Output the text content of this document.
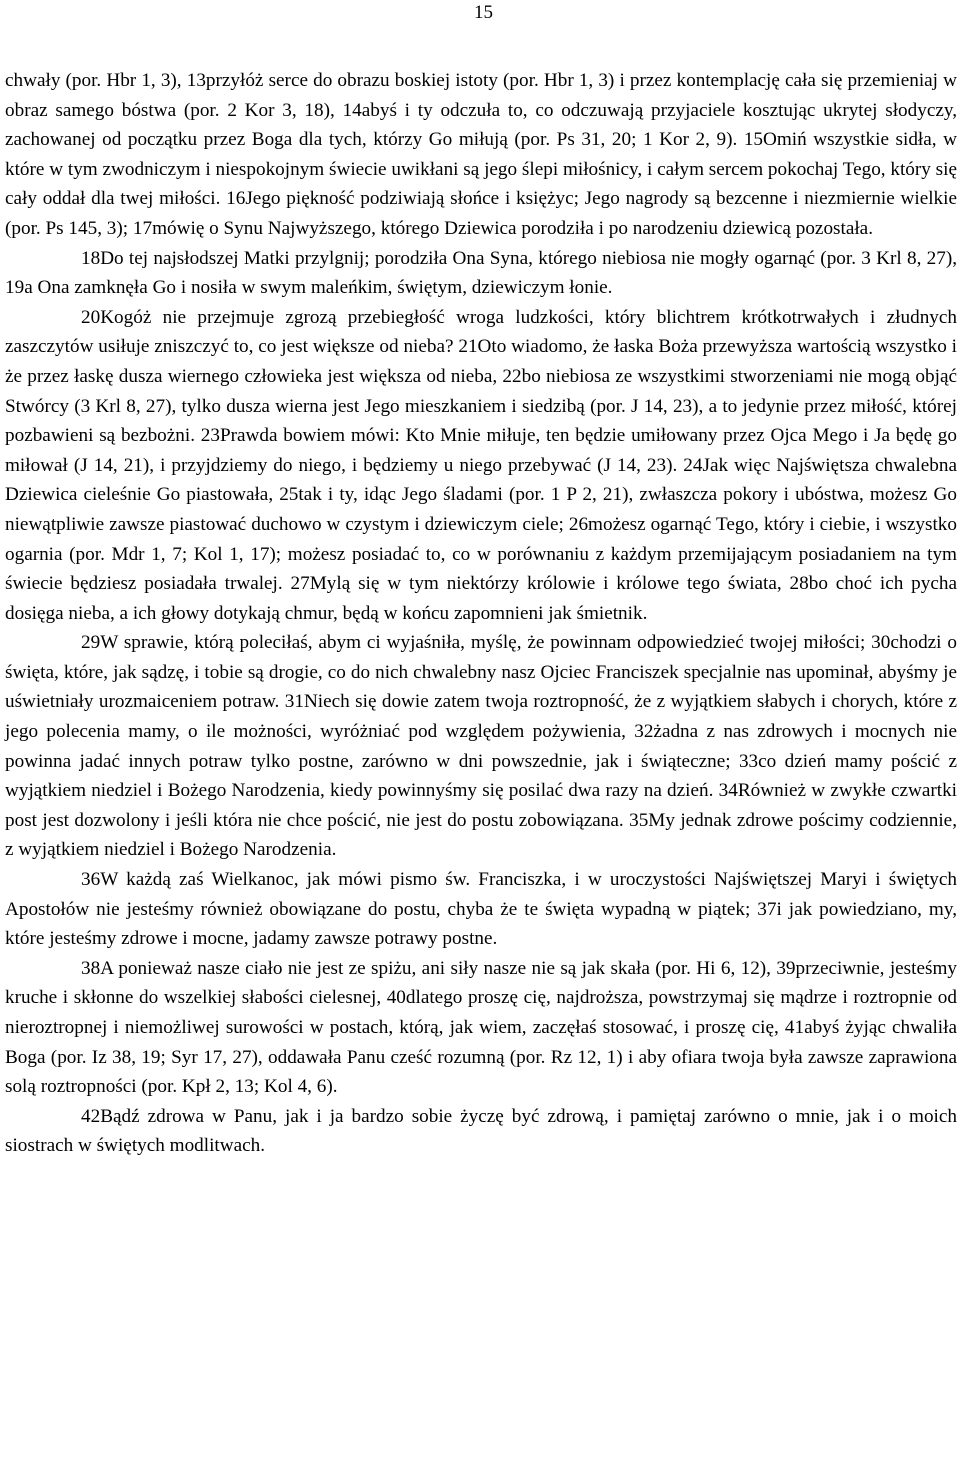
15

chwały (por. Hbr 1, 3), 13przyłóż serce do obrazu boskiej istoty (por. Hbr 1, 3) i przez kontemplację cała się przemieniaj w obraz samego bóstwa (por. 2 Kor 3, 18), 14abyś i ty odczuła to, co odczuwają przyjaciele kosztując ukrytej słodyczy, zachowanej od początku przez Boga dla tych, którzy Go miłują (por. Ps 31, 20; 1 Kor 2, 9). 15Omiń wszystkie sidła, w które w tym zwodniczym i niespokojnym świecie uwikłani są jego ślepi miłośnicy, i całym sercem pokochaj Tego, który się cały oddał dla twej miłości. 16Jego piękność podziwiają słońce i księżyc; Jego nagrody są bezcenne i niezmiernie wielkie (por. Ps 145, 3); 17mówię o Synu Najwyższego, którego Dziewica porodziła i po narodzeniu dziewicą pozostała.

18Do tej najsłodszej Matki przylgnij; porodziła Ona Syna, którego niebiosa nie mogły ogarnąć (por. 3 Krl 8, 27), 19a Ona zamknęła Go i nosiła w swym maleńkim, świętym, dziewiczym łonie.

20Kogóż nie przejmuje zgrozą przebiegłość wroga ludzkości, który blichtrem krótkotrwałych i złudnych zaszczytów usiłuje zniszczyć to, co jest większe od nieba? 21Oto wiadomo, że łaska Boża przewyższa wartością wszystko i że przez łaskę dusza wiernego człowieka jest większa od nieba, 22bo niebiosa ze wszystkimi stworzeniami nie mogą objąć Stwórcy (3 Krl 8, 27), tylko dusza wierna jest Jego mieszkaniem i siedzibą (por. J 14, 23), a to jedynie przez miłość, której pozbawieni są bezbożni. 23Prawda bowiem mówi: Kto Mnie miłuje, ten będzie umiłowany przez Ojca Mego i Ja będę go miłował (J 14, 21), i przyjdziemy do niego, i będziemy u niego przebywać (J 14, 23). 24Jak więc Najświętsza chwalebna Dziewica cieleśnie Go piastowała, 25tak i ty, idąc Jego śladami (por. 1 P 2, 21), zwłaszcza pokory i ubóstwa, możesz Go niewątpliwie zawsze piastować duchowo w czystym i dziewiczym ciele; 26możesz ogarnąć Tego, który i ciebie, i wszystko ogarnia (por. Mdr 1, 7; Kol 1, 17); możesz posiadać to, co w porównaniu z każdym przemijającym posiadaniem na tym świecie będziesz posiadała trwalej. 27Mylą się w tym niektórzy królowie i królowe tego świata, 28bo choć ich pycha dosięga nieba, a ich głowy dotykają chmur, będą w końcu zapomnieni jak śmietnik.

29W sprawie, którą poleciłaś, abym ci wyjaśniła, myślę, że powinnam odpowiedzieć twojej miłości; 30chodzi o święta, które, jak sądzę, i tobie są drogie, co do nich chwalebny nasz Ojciec Franciszek specjalnie nas upominał, abyśmy je uświetniały urozmaiceniem potraw. 31Niech się dowie zatem twoja roztropność, że z wyjątkiem słabych i chorych, które z jego polecenia mamy, o ile możności, wyróżniać pod względem pożywienia, 32żadna z nas zdrowych i mocnych nie powinna jadać innych potraw tylko postne, zarówno w dni powszednie, jak i świąteczne; 33co dzień mamy pościć z wyjątkiem niedziel i Bożego Narodzenia, kiedy powinnyśmy się posilać dwa razy na dzień. 34Również w zwykłe czwartki post jest dozwolony i jeśli która nie chce pościć, nie jest do postu zobowiązana. 35My jednak zdrowe pościmy codziennie, z wyjątkiem niedziel i Bożego Narodzenia.

36W każdą zaś Wielkanoc, jak mówi pismo św. Franciszka, i w uroczystości Najświętszej Maryi i świętych Apostołów nie jesteśmy również obowiązane do postu, chyba że te święta wypadną w piątek; 37i jak powiedziano, my, które jesteśmy zdrowe i mocne, jadamy zawsze potrawy postne.

38A ponieważ nasze ciało nie jest ze spiżu, ani siły nasze nie są jak skała (por. Hi 6, 12), 39przeciwnie, jesteśmy kruche i skłonne do wszelkiej słabości cielesnej, 40dlatego proszę cię, najdroższa, powstrzymaj się mądrze i roztropnie od nieroztropnej i niemożliwej surowości w postach, którą, jak wiem, zaczęłaś stosować, i proszę cię, 41abyś żyjąc chwaliła Boga (por. Iz 38, 19; Syr 17, 27), oddawała Panu cześć rozumną (por. Rz 12, 1) i aby ofiara twoja była zawsze zaprawiona solą roztropności (por. Kpł 2, 13; Kol 4, 6).

42Bądź zdrowa w Panu, jak i ja bardzo sobie życzę być zdrową, i pamiętaj zarówno o mnie, jak i o moich siostrach w świętych modlitwach.
